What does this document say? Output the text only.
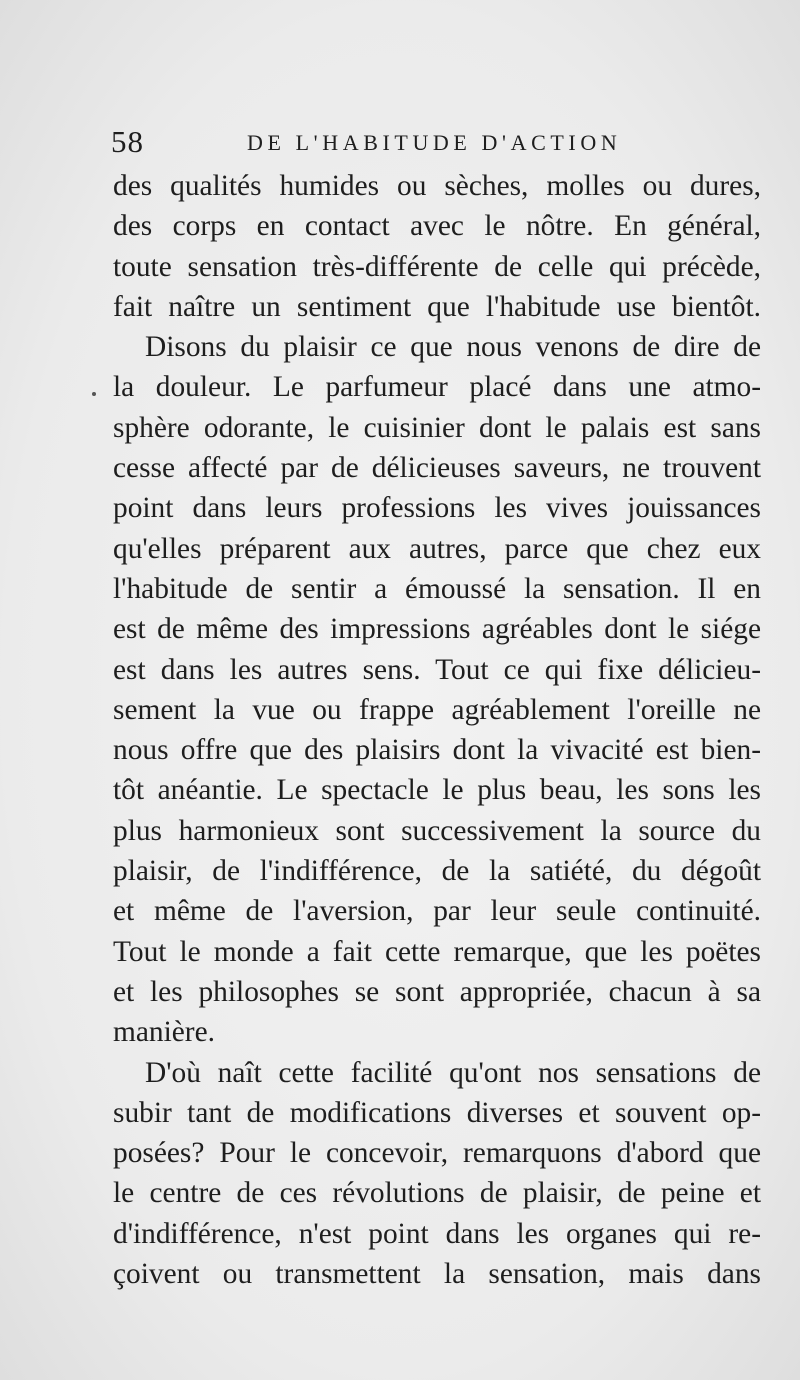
58	DE L'HABITUDE D'ACTION
des qualités humides ou sèches, molles ou dures,
des corps en contact avec le nôtre. En général,
toute sensation très-différente de celle qui précède,
fait naître un sentiment que l'habitude use bientôt.
Disons du plaisir ce que nous venons de dire de
la douleur. Le parfumeur placé dans une atmo-
sphère odorante, le cuisinier dont le palais est sans
cesse affecté par de délicieuses saveurs, ne trouvent
point dans leurs professions les vives jouissances
qu'elles préparent aux autres, parce que chez eux
l'habitude de sentir a émoussé la sensation. Il en
est de même des impressions agréables dont le siége
est dans les autres sens. Tout ce qui fixe délicieu-
sement la vue ou frappe agréablement l'oreille ne
nous offre que des plaisirs dont la vivacité est bien-
tôt anéantie. Le spectacle le plus beau, les sons les
plus harmonieux sont successivement la source du
plaisir, de l'indifférence, de la satiété, du dégoût
et même de l'aversion, par leur seule continuité.
Tout le monde a fait cette remarque, que les poëtes
et les philosophes se sont appropriée, chacun à sa
manière.
D'où naît cette facilité qu'ont nos sensations de
subir tant de modifications diverses et souvent op-
posées? Pour le concevoir, remarquons d'abord que
le centre de ces révolutions de plaisir, de peine et
d'indifférence, n'est point dans les organes qui re-
çoivent ou transmettent la sensation, mais dans
